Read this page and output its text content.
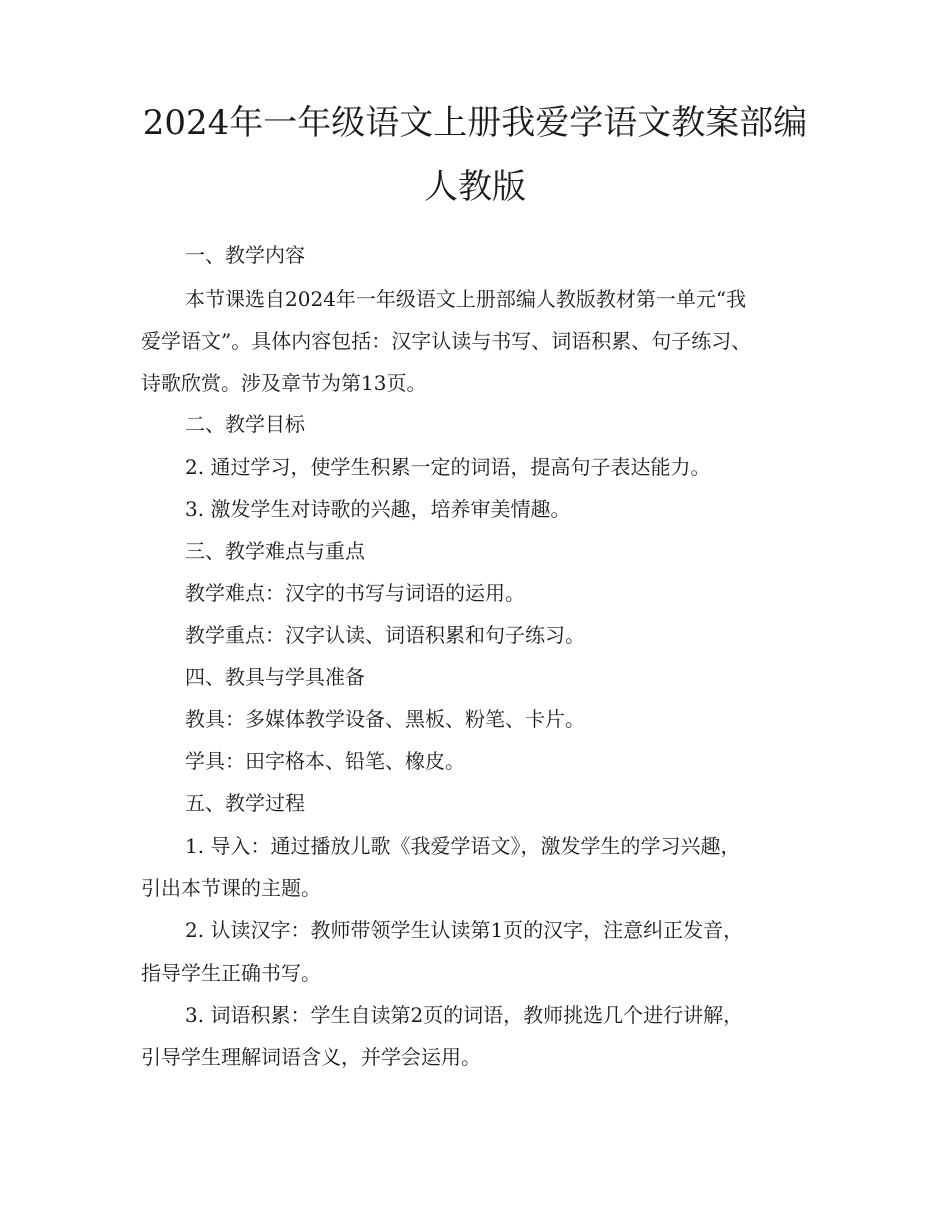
2024年一年级语文上册我爱学语文教案部编
人教版
一、教学内容
本节课选自2024年一年级语文上册部编人教版教材第一单元“我
爱学语文”。具体内容包括：汉字认读与书写、词语积累、句子练习、
诗歌欣赏。涉及章节为第13页。
二、教学目标
2. 通过学习，使学生积累一定的词语，提高句子表达能力。
3. 激发学生对诗歌的兴趣，培养审美情趣。
三、教学难点与重点
教学难点：汉字的书写与词语的运用。
教学重点：汉字认读、词语积累和句子练习。
四、教具与学具准备
教具：多媒体教学设备、黑板、粉笔、卡片。
学具：田字格本、铅笔、橡皮。
五、教学过程
1. 导入：通过播放儿歌《我爱学语文》，激发学生的学习兴趣，
引出本节课的主题。
2. 认读汉字：教师带领学生认读第1页的汉字，注意纠正发音，
指导学生正确书写。
3. 词语积累：学生自读第2页的词语，教师挑选几个进行讲解，
引导学生理解词语含义，并学会运用。
